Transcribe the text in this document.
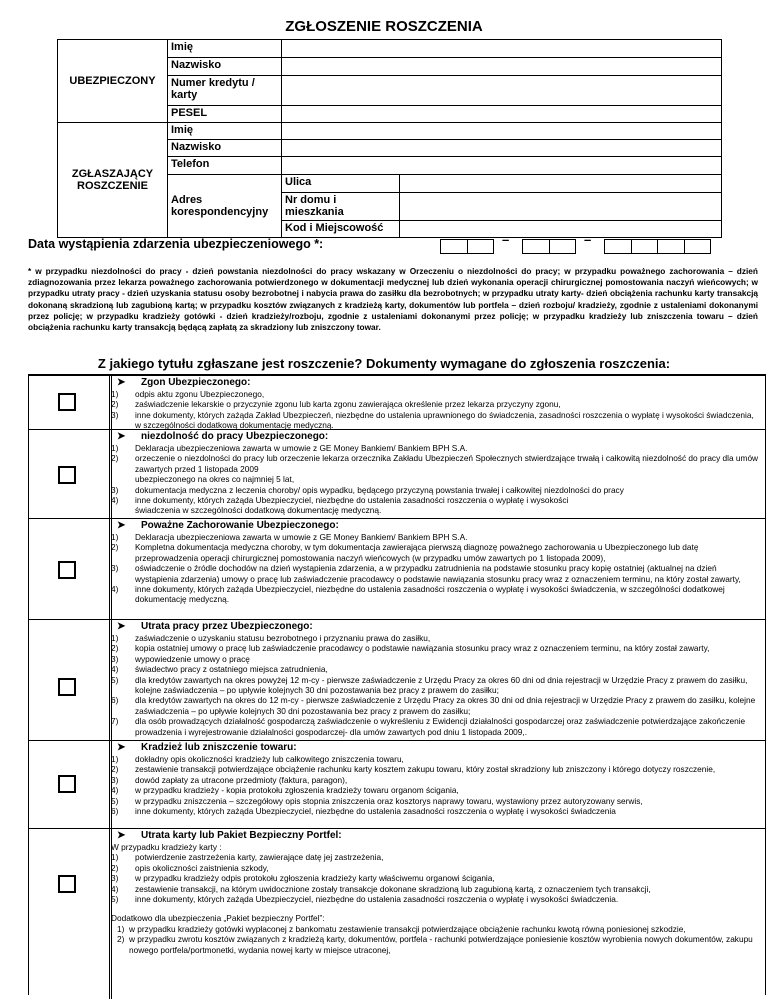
ZGŁOSZENIE ROSZCZENIA
UBEZPIECZONY	Imię		
	Nazwisko		
	Numer kredytu / karty		
	PESEL		
ZGŁASZAJĄCY ROSZCZENIE	Imię		
	Nazwisko		
	Telefon		
	Adres korespondencyjny	Ulica	
		Nr domu i mieszkania	
		Kod i Miejscowość	
Data wystąpienia zdarzenia ubezpieczeniowego *:	–	–
* w przypadku niezdolności do pracy - dzień powstania niezdolności do pracy wskazany w Orzeczeniu o niezdolności do pracy; w przypadku poważnego zachorowania – dzień zdiagnozowania przez lekarza poważnego zachorowania potwierdzonego w dokumentacji medycznej lub dzień wykonania operacji chirurgicznej pomostowania naczyń wieńcowych; w przypadku utraty pracy - dzień uzyskania statusu osoby bezrobotnej i nabycia prawa do zasiłku dla bezrobotnych; w przypadku utraty karty- dzień obciążenia rachunku karty transakcją dokonaną skradzioną lub zagubioną kartą; w przypadku kosztów związanych z kradzieżą karty, dokumentów lub portfela – dzień rozboju/ kradzieży, zgodnie z ustaleniami dokonanymi przez policję; w przypadku kradzieży gotówki - dzień kradzieży/rozboju, zgodnie z ustaleniami dokonanymi przez policję; w przypadku kradzieży lub zniszczenia towaru – dzień obciążenia rachunku karty transakcją będącą zapłatą za skradziony lub zniszczony towar.
Z jakiego tytułu zgłaszane jest roszczenie? Dokumenty wymagane do zgłoszenia roszczenia:
➤ Zgon Ubezpieczonego:
1)	odpis aktu zgonu Ubezpieczonego,
2)	zaświadczenie lekarskie o przyczynie zgonu lub karta zgonu zawierająca określenie przez lekarza przyczyny zgonu,
3)	inne dokumenty, których zażąda Zakład Ubezpieczeń, niezbędne do ustalenia uprawnionego do świadczenia, zasadności roszczenia o wypłatę i wysokości świadczenia, w szczególności dodatkową dokumentację medyczną.
➤ niezdolność do pracy Ubezpieczonego:
1)	Deklaracja ubezpieczeniowa zawarta w umowie z GE Money Bankiem/ Bankiem BPH S.A.
2)	orzeczenie o niezdolności do pracy lub orzeczenie lekarza orzecznika Zakładu Ubezpieczeń Społecznych stwierdzające trwałą i całkowitą niezdolność do pracy dla umów zawartych przed 1 listopada 2009
ubezpieczonego na okres co najmniej 5 lat,
3)	dokumentacja medyczna z leczenia choroby/ opis wypadku, będącego przyczyną powstania trwałej i całkowitej niezdolności do pracy
4)	inne dokumenty, których zażąda Ubezpieczyciel, niezbędne do ustalenia zasadności roszczenia o wypłatę i wysokości
świadczenia w szczególności dodatkową dokumentację medyczną.
➤ Poważne Zachorowanie Ubezpieczonego:
1)	Deklaracja ubezpieczeniowa zawarta w umowie z GE Money Bankiem/ Bankiem BPH S.A.
2)	Kompletna dokumentacja medyczna choroby, w tym dokumentacja zawierająca pierwszą diagnozę poważnego zachorowania u Ubezpieczonego lub datę przeprowadzenia operacji chirurgicznej pomostowania naczyń wieńcowych (w przypadku umów zawartych po 1 listopada 2009),
3)	oświadczenie o źródle dochodów na dzień wystąpienia zdarzenia, a w przypadku zatrudnienia na podstawie stosunku pracy kopię ostatniej (aktualnej na dzień wystąpienia zdarzenia) umowy o pracę lub zaświadczenie pracodawcy o podstawie nawiązania stosunku pracy wraz z oznaczeniem terminu, na który został zawarty,
4)	inne dokumenty, których zażąda Ubezpieczyciel, niezbędne do ustalenia zasadności roszczenia o wypłatę i wysokości świadczenia, w szczególności dodatkowej dokumentację medyczną.
➤ Utrata pracy przez Ubezpieczonego:
1)	zaświadczenie o uzyskaniu statusu bezrobotnego i przyznaniu prawa do zasiłku,
2)	kopia ostatniej umowy o pracę lub zaświadczenie pracodawcy o podstawie nawiązania stosunku pracy wraz z oznaczeniem terminu, na który został zawarty,
3)	wypowiedzenie umowy o pracę
4)	świadectwo pracy z ostatniego miejsca zatrudnienia,
5)	dla kredytów zawartych na okres powyżej 12 m-cy - pierwsze zaświadczenie z Urzędu Pracy za okres 60 dni od dnia rejestracji w Urzędzie Pracy z prawem do zasiłku, kolejne zaświadczenia – po upływie kolejnych 30 dni pozostawania bez pracy z prawem do zasiłku;
6)	dla kredytów zawartych na okres do 12 m-cy - pierwsze zaświadczenie z Urzędu Pracy za okres 30 dni od dnia rejestracji w Urzędzie Pracy z prawem do zasiłku, kolejne zaświadczenia – po upływie kolejnych 30 dni pozostawania bez pracy z prawem do zasiłku;
7)	dla osób prowadzących działalność gospodarczą zaświadczenie o wykreśleniu z Ewidencji działalności gospodarczej oraz zaświadczenie potwierdzające zakończenie prowadzenia i wyrejestrowanie działalności gospodarczej- dla umów zawartych pod dniu 1 listopada 2009,.
➤ Kradzież lub zniszczenie towaru:
1)	dokładny opis okoliczności kradzieży lub całkowitego zniszczenia towaru,
2)	zestawienie transakcji potwierdzające obciążenie rachunku karty kosztem zakupu towaru, który został skradziony lub zniszczony i którego dotyczy roszczenie,
3)	dowód zapłaty za utracone przedmioty (faktura, paragon),
4)	w przypadku kradzieży - kopia protokołu zgłoszenia kradzieży towaru organom ścigania,
5)	w przypadku zniszczenia – szczegółowy opis stopnia zniszczenia oraz kosztorys naprawy towaru, wystawiony przez autoryzowany serwis,
6)	inne dokumenty, których zażąda Ubezpieczyciel, niezbędne do ustalenia zasadności roszczenia o wypłatę i wysokości świadczenia
➤ Utrata karty lub Pakiet Bezpieczny Portfel:
W przypadku kradzieży karty :
1)	potwierdzenie zastrzeżenia karty, zawierające datę jej zastrzeżenia,
2)	opis okoliczności zaistnienia szkody,
3)	w przypadku kradzieży odpis protokołu zgłoszenia kradzieży karty właściwemu organowi ścigania,
4)	zestawienie transakcji, na którym uwidocznione zostały transakcje dokonane skradzioną lub zagubioną kartą, z oznaczeniem tych transakcji,
5)	inne dokumenty, których zażąda Ubezpieczyciel, niezbędne do ustalenia zasadności roszczenia o wypłatę i wysokości świadczenia.
Dodatkowo dla ubezpieczenia „Pakiet bezpieczny Portfel”:
1) w przypadku kradzieży gotówki wypłaconej z bankomatu zestawienie transakcji potwierdzające obciążenie rachunku kwotą równą poniesionej szkodzie,
2) w przypadku zwrotu kosztów związanych z kradzieżą karty, dokumentów, portfela - rachunki potwierdzające poniesienie kosztów wyrobienia nowych dokumentów, zakupu nowego portfela/portmonetki, wydania nowej karty w miejsce utraconej,
